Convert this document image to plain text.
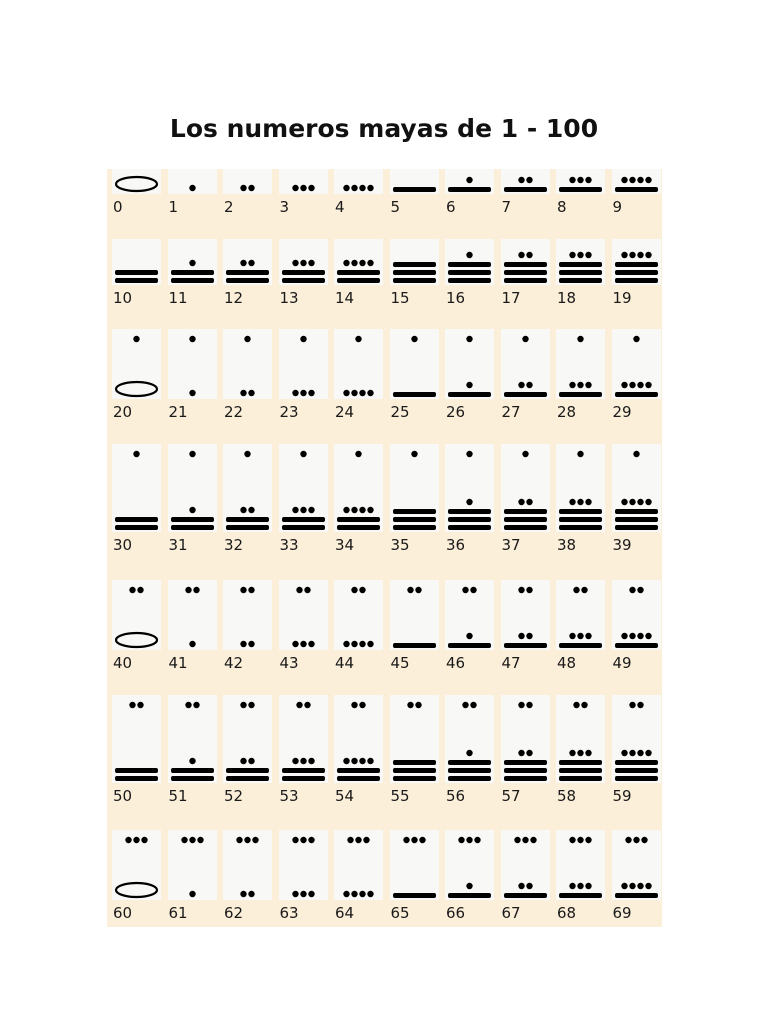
Los numeros mayas de 1 - 100
0	1	2	3	4	5	6	7	8	9
10 11 12 13 14 15 16 17 18 19
20 21 22 23 24 25 26 27 28 29
30 31 32 33 34 35 36 37 38 39
40 41 42 43 44 45 46 47 48 49
50 51 52 53 54 55 56 57 58 59
60 61 62 63 64 65 66 67 68 69
